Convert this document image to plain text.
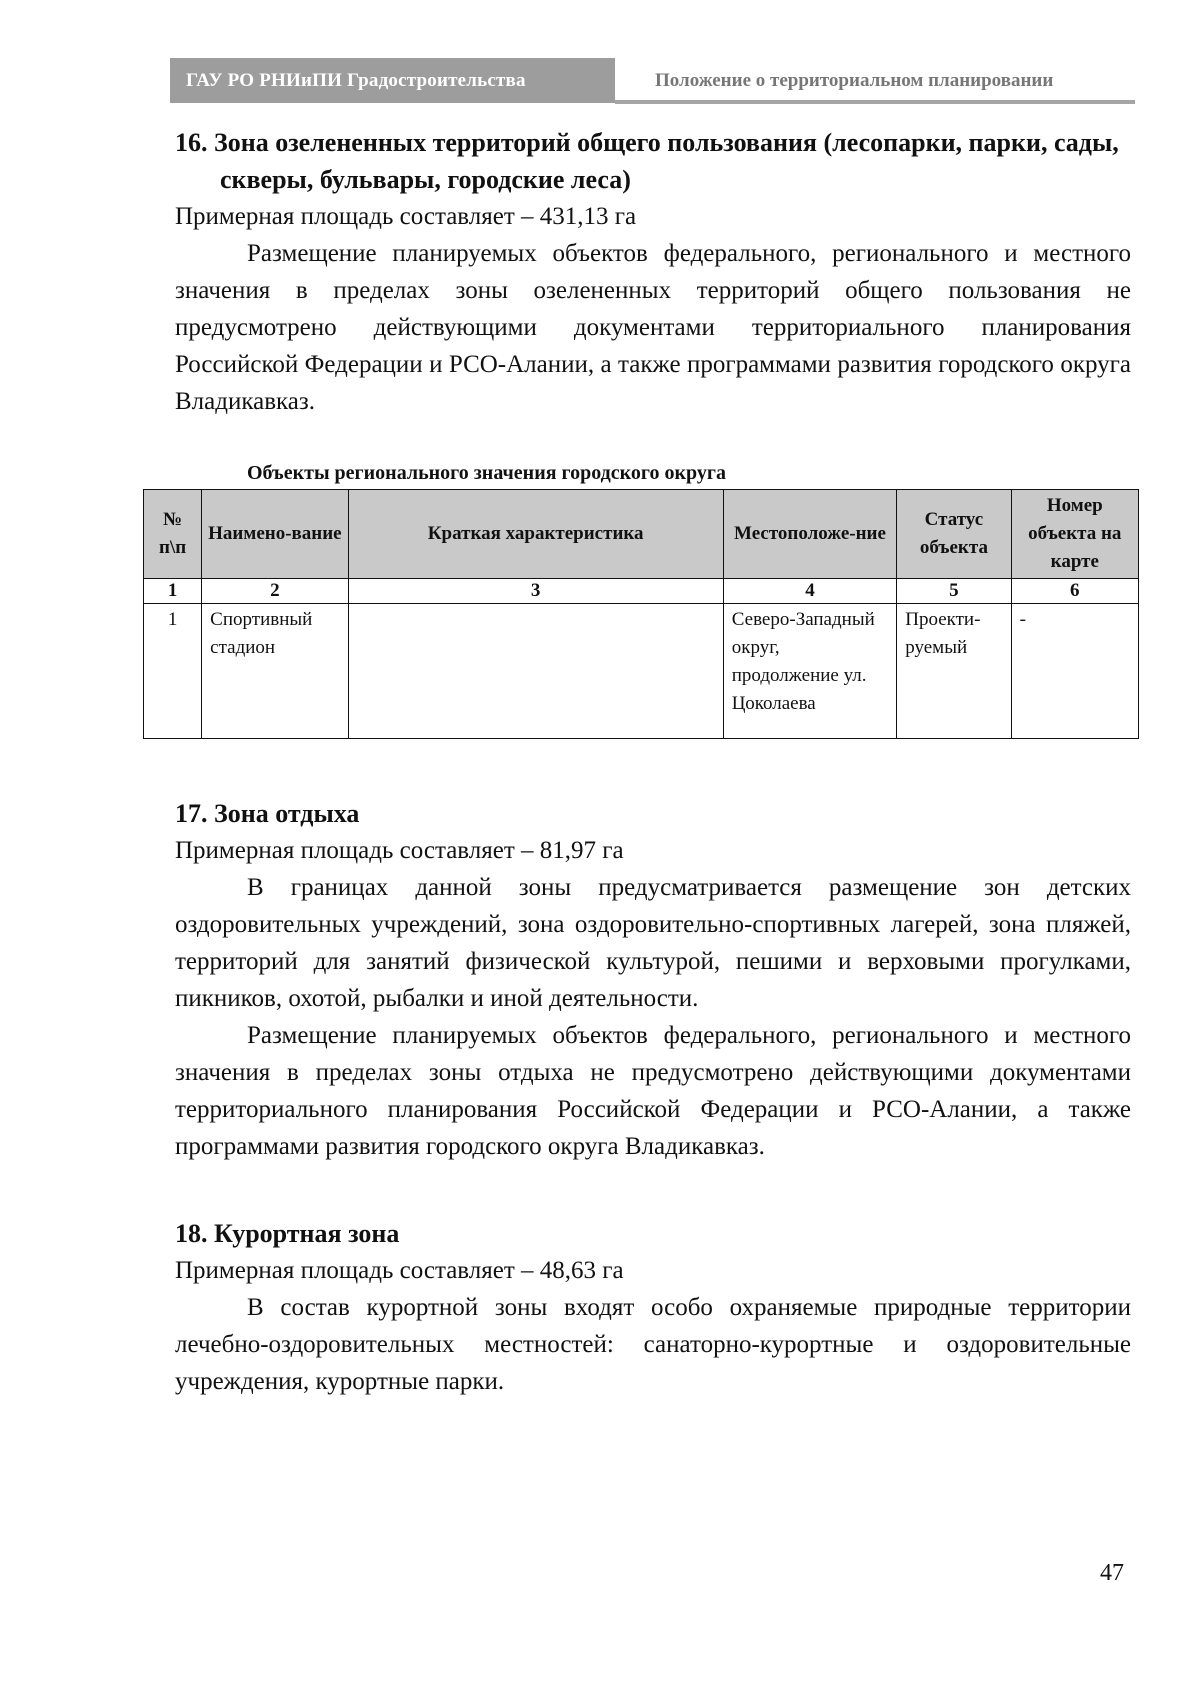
ГАУ РО РНИиПИ Градостроительства	Положение о территориальном планировании

16. Зона озелененных территорий общего пользования (лесопарки, парки, сады, скверы, бульвары, городские леса)

Примерная площадь составляет – 431,13 га

Размещение планируемых объектов федерального, регионального и местного значения в пределах зоны озелененных территорий общего пользования не предусмотрено действующими документами территориального планирования Российской Федерации и РСО-Алании, а также программами развития городского округа Владикавказ.

Объекты регионального значения городского округа
№ п\п	Наимено-вание	Краткая характеристика	Местоположе-ние	Статус объекта	Номер объекта на карте
1	2	3	4	5	6
1	Спортивный стадион		Северо-Западный округ, продолжение ул. Цоколаева	Проекти-руемый	-

17. Зона отдыха

Примерная площадь составляет – 81,97 га

В границах данной зоны предусматривается размещение зон детских оздоровительных учреждений, зона оздоровительно-спортивных лагерей, зона пляжей, территорий для занятий физической культурой, пешими и верховыми прогулками, пикников, охотой, рыбалки и иной деятельности.

Размещение планируемых объектов федерального, регионального и местного значения в пределах зоны отдыха не предусмотрено действующими документами территориального планирования Российской Федерации и РСО-Алании, а также программами развития городского округа Владикавказ.

18. Курортная зона

Примерная площадь составляет – 48,63 га

В состав курортной зоны входят особо охраняемые природные территории лечебно-оздоровительных местностей: санаторно-курортные и оздоровительные учреждения, курортные парки.

47
